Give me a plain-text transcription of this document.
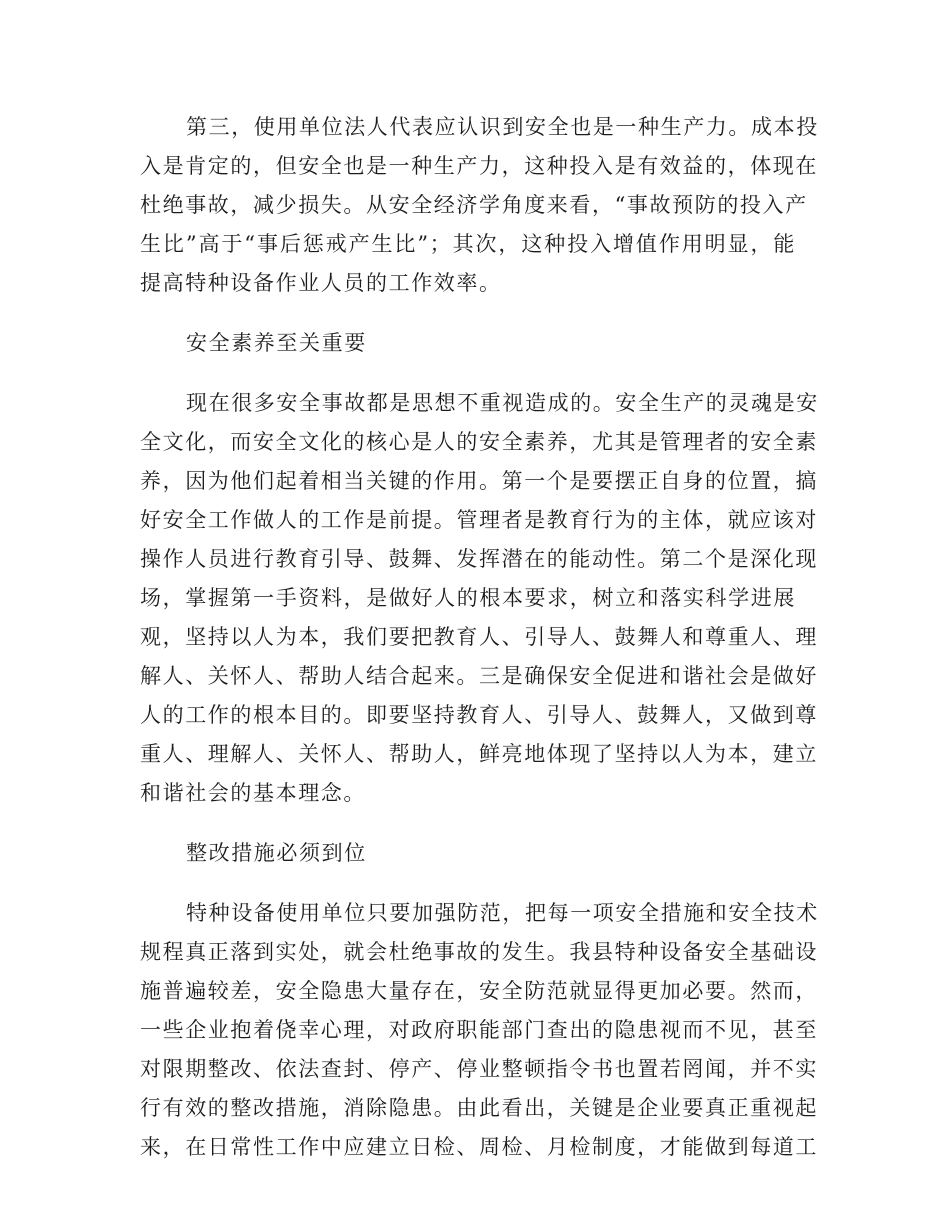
第三，使用单位法人代表应认识到安全也是一种生产力。成本投
入是肯定的，但安全也是一种生产力，这种投入是有效益的，体现在
杜绝事故，减少损失。从安全经济学角度来看，“事故预防的投入产
生比”高于“事后惩戒产生比”；其次，这种投入增值作用明显，能
提高特种设备作业人员的工作效率。

安全素养至关重要

现在很多安全事故都是思想不重视造成的。安全生产的灵魂是安
全文化，而安全文化的核心是人的安全素养，尤其是管理者的安全素
养，因为他们起着相当关键的作用。第一个是要摆正自身的位置，搞
好安全工作做人的工作是前提。管理者是教育行为的主体，就应该对
操作人员进行教育引导、鼓舞、发挥潜在的能动性。第二个是深化现
场，掌握第一手资料，是做好人的根本要求，树立和落实科学进展
观，坚持以人为本，我们要把教育人、引导人、鼓舞人和尊重人、理
解人、关怀人、帮助人结合起来。三是确保安全促进和谐社会是做好
人的工作的根本目的。即要坚持教育人、引导人、鼓舞人，又做到尊
重人、理解人、关怀人、帮助人，鲜亮地体现了坚持以人为本，建立
和谐社会的基本理念。

整改措施必须到位

特种设备使用单位只要加强防范，把每一项安全措施和安全技术
规程真正落到实处，就会杜绝事故的发生。我县特种设备安全基础设
施普遍较差，安全隐患大量存在，安全防范就显得更加必要。然而，
一些企业抱着侥幸心理，对政府职能部门查出的隐患视而不见，甚至
对限期整改、依法查封、停产、停业整顿指令书也置若罔闻，并不实
行有效的整改措施，消除隐患。由此看出，关键是企业要真正重视起
来，在日常性工作中应建立日检、周检、月检制度，才能做到每道工
